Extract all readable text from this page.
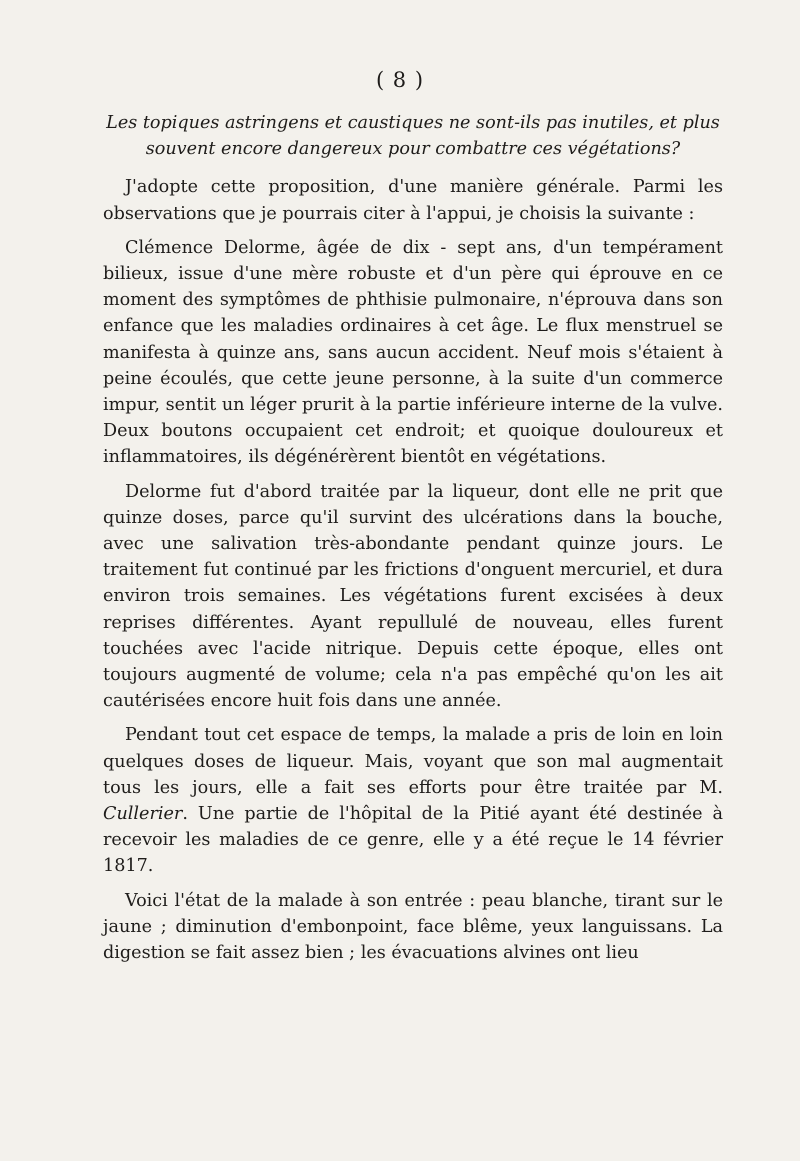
( 8 )

Les topiques astringens et caustiques ne sont-ils pas inutiles, et plus
souvent encore dangereux pour combattre ces végétations?

J'adopte cette proposition, d'une manière générale. Parmi les observations que je pourrais citer à l'appui, je choisis la suivante :

Clémence Delorme, âgée de dix - sept ans, d'un tempérament bilieux, issue d'une mère robuste et d'un père qui éprouve en ce moment des symptômes de phthisie pulmonaire, n'éprouva dans son enfance que les maladies ordinaires à cet âge. Le flux menstruel se manifesta à quinze ans, sans aucun accident. Neuf mois s'étaient à peine écoulés, que cette jeune personne, à la suite d'un commerce impur, sentit un léger prurit à la partie inférieure interne de la vulve. Deux boutons occupaient cet endroit; et quoique douloureux et inflammatoires, ils dégénérèrent bientôt en végétations.

Delorme fut d'abord traitée par la liqueur, dont elle ne prit que quinze doses, parce qu'il survint des ulcérations dans la bouche, avec une salivation très-abondante pendant quinze jours. Le traitement fut continué par les frictions d'onguent mercuriel, et dura environ trois semaines. Les végétations furent excisées à deux reprises différentes. Ayant repullulé de nouveau, elles furent touchées avec l'acide nitrique. Depuis cette époque, elles ont toujours augmenté de volume; cela n'a pas empêché qu'on les ait cautérisées encore huit fois dans une année.

Pendant tout cet espace de temps, la malade a pris de loin en loin quelques doses de liqueur. Mais, voyant que son mal augmentait tous les jours, elle a fait ses efforts pour être traitée par M. Cullerier. Une partie de l'hôpital de la Pitié ayant été destinée à recevoir les maladies de ce genre, elle y a été reçue le 14 février 1817.

Voici l'état de la malade à son entrée : peau blanche, tirant sur le jaune ; diminution d'embonpoint, face blême, yeux languissans. La digestion se fait assez bien ; les évacuations alvines ont lieu
